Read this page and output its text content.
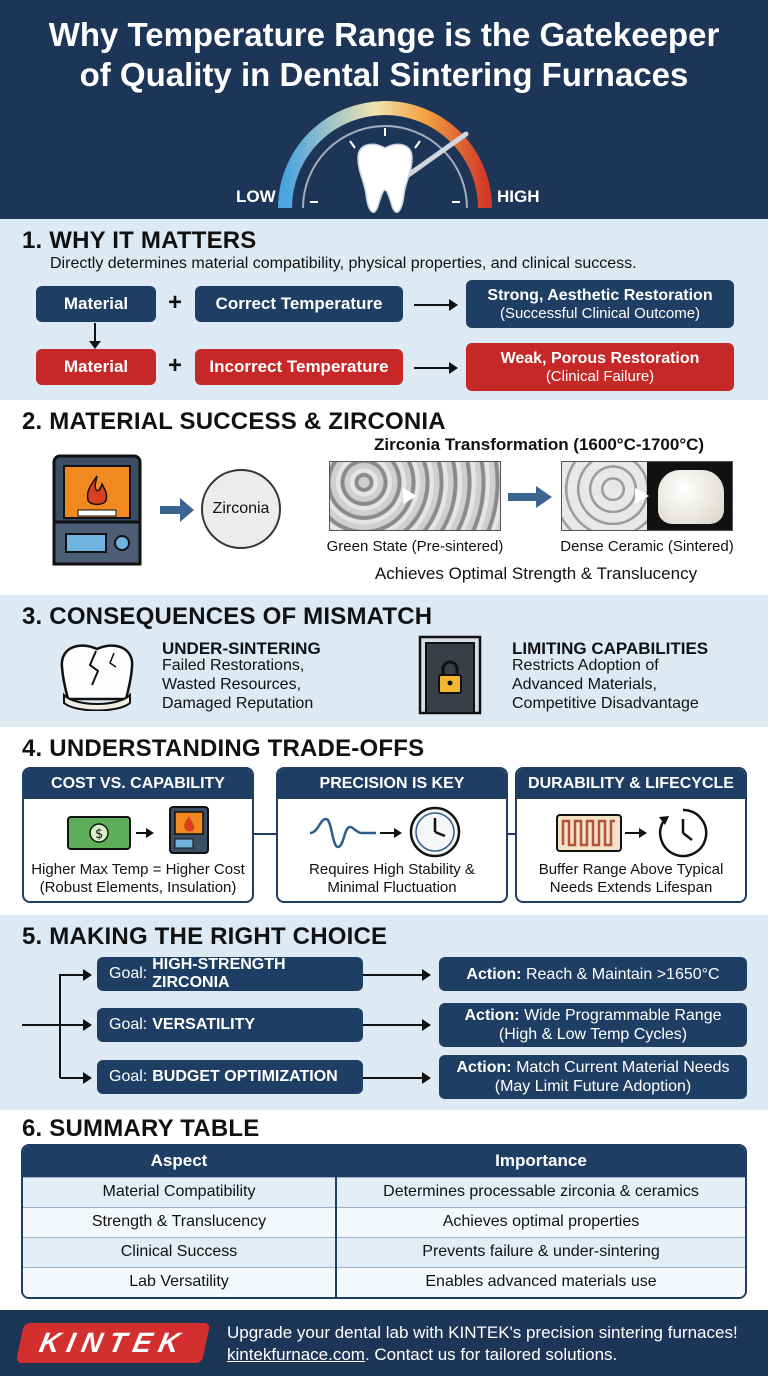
Why Temperature Range is the Gatekeeper
of Quality in Dental Sintering Furnaces
LOW	HIGH
1. WHY IT MATTERS
Directly determines material compatibility, physical properties, and clinical success.
Material	+	Correct Temperature	Strong, Aesthetic Restoration
(Successful Clinical Outcome)
Material	+	Incorrect Temperature	Weak, Porous Restoration
(Clinical Failure)
2. MATERIAL SUCCESS & ZIRCONIA
Zirconia
Zirconia Transformation (1600°C-1700°C)
Green State (Pre-sintered)	Dense Ceramic (Sintered)
Achieves Optimal Strength & Translucency
3. CONSEQUENCES OF MISMATCH
UNDER-SINTERING
Failed Restorations,
Wasted Resources,
Damaged Reputation
LIMITING CAPABILITIES
Restricts Adoption of
Advanced Materials,
Competitive Disadvantage
4. UNDERSTANDING TRADE-OFFS
COST VS. CAPABILITY
$
Higher Max Temp = Higher Cost
(Robust Elements, Insulation)
PRECISION IS KEY
Requires High Stability &
Minimal Fluctuation
DURABILITY & LIFECYCLE
Buffer Range Above Typical
Needs Extends Lifespan
5. MAKING THE RIGHT CHOICE
Goal:
HIGH-STRENGTH ZIRCONIA
Goal: VERSATILITY
Goal: BUDGET OPTIMIZATION
Action: Reach & Maintain >1650°C
Action: Wide Programmable Range
(High & Low Temp Cycles)
Action: Match Current Material Needs
(May Limit Future Adoption)
6. SUMMARY TABLE
Aspect	Importance
Material Compatibility	Determines processable zirconia & ceramics
Strength & Translucency	Achieves optimal properties
Clinical Success	Prevents failure & under-sintering
Lab Versatility	Enables advanced materials use
KINTEK Upgrade your dental lab with KINTEK's precision sintering furnaces!
kintekfurnace.com. Contact us for tailored solutions.
